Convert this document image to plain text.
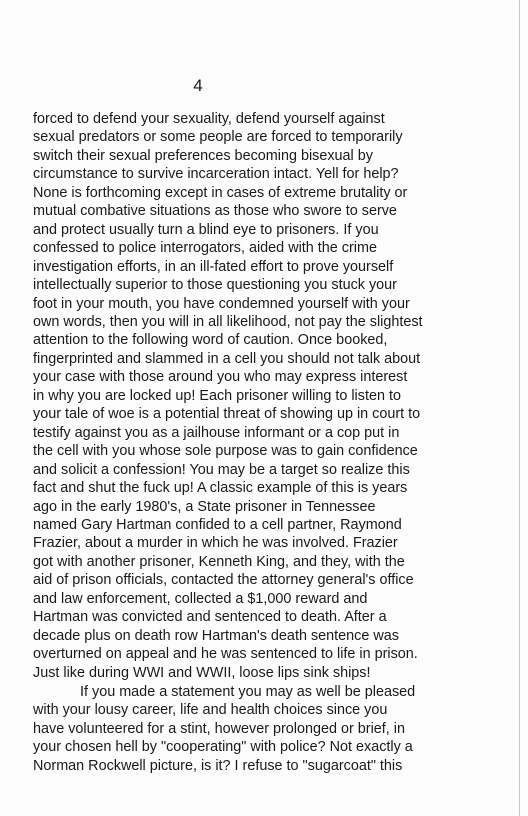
4
forced to defend your sexuality, defend yourself against
sexual predators or some people are forced to temporarily
switch their sexual preferences becoming bisexual by
circumstance to survive incarceration intact. Yell for help?
None is forthcoming except in cases of extreme brutality or
mutual combative situations as those who swore to serve
and protect usually turn a blind eye to prisoners. If you
confessed to police interrogators, aided with the crime
investigation efforts, in an ill-fated effort to prove yourself
intellectually superior to those questioning you stuck your
foot in your mouth, you have condemned yourself with your
own words, then you will in all likelihood, not pay the slightest
attention to the following word of caution. Once booked,
fingerprinted and slammed in a cell you should not talk about
your case with those around you who may express interest
in why you are locked up! Each prisoner willing to listen to
your tale of woe is a potential threat of showing up in court to
testify against you as a jailhouse informant or a cop put in
the cell with you whose sole purpose was to gain confidence
and solicit a confession! You may be a target so realize this
fact and shut the fuck up! A classic example of this is years
ago in the early 1980's, a State prisoner in Tennessee
named Gary Hartman confided to a cell partner, Raymond
Frazier, about a murder in which he was involved. Frazier
got with another prisoner, Kenneth King, and they, with the
aid of prison officials, contacted the attorney general's office
and law enforcement, collected a $1,000 reward and
Hartman was convicted and sentenced to death. After a
decade plus on death row Hartman's death sentence was
overturned on appeal and he was sentenced to life in prison.
Just like during WWI and WWII, loose lips sink ships!
If you made a statement you may as well be pleased
with your lousy career, life and health choices since you
have volunteered for a stint, however prolonged or brief, in
your chosen hell by "cooperating" with police? Not exactly a
Norman Rockwell picture, is it? I refuse to "sugarcoat" this
